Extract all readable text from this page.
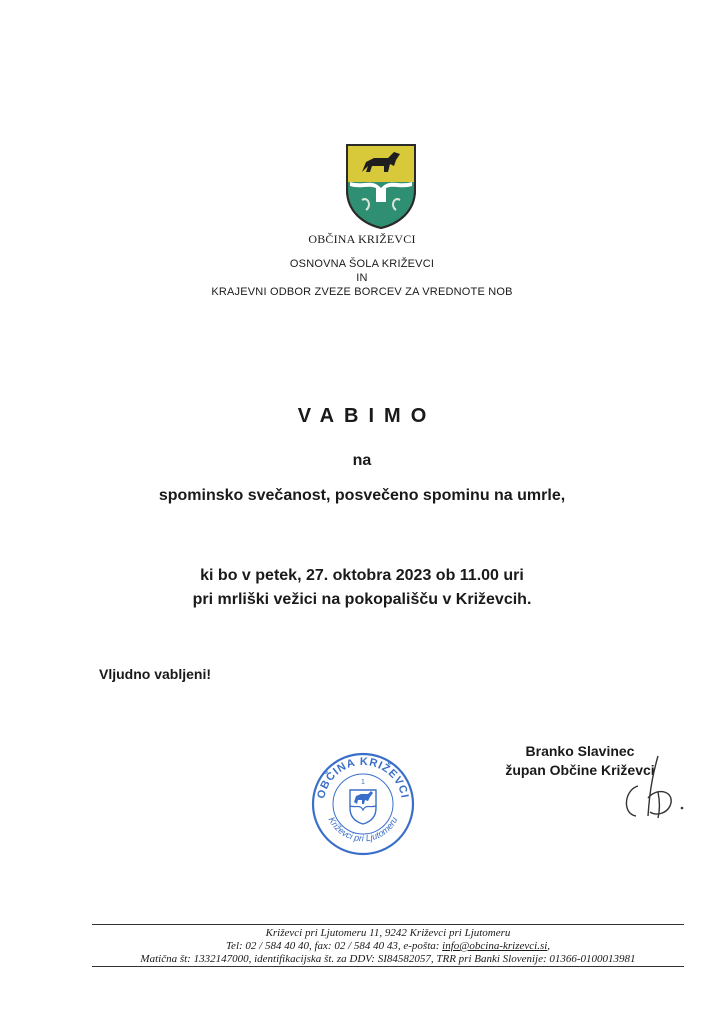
OBČINA KRIŽEVCI
OSNOVNA ŠOLA KRIŽEVCI
IN
KRAJEVNI ODBOR ZVEZE BORCEV ZA VREDNOTE NOB
VABIMO
na
spominsko svečanost, posvečeno spominu na umrle,
ki bo v petek, 27. oktobra 2023 ob 11.00 uri
pri mrliški vežici na pokopališču v Križevcih.
Vljudno vabljeni!
OBČINA KRIŽEVCI
Križevci pri Ljutomeru
1
Branko Slavinec
župan Občine Križevci
Križevci pri Ljutomeru 11, 9242 Križevci pri Ljutomeru
Tel: 02 / 584 40 40, fax: 02 / 584 40 43, e-pošta: info@obcina-krizevci.si,
Matična št: 1332147000, identifikacijska št. za DDV: SI84582057, TRR pri Banki Slovenije: 01366-0100013981
